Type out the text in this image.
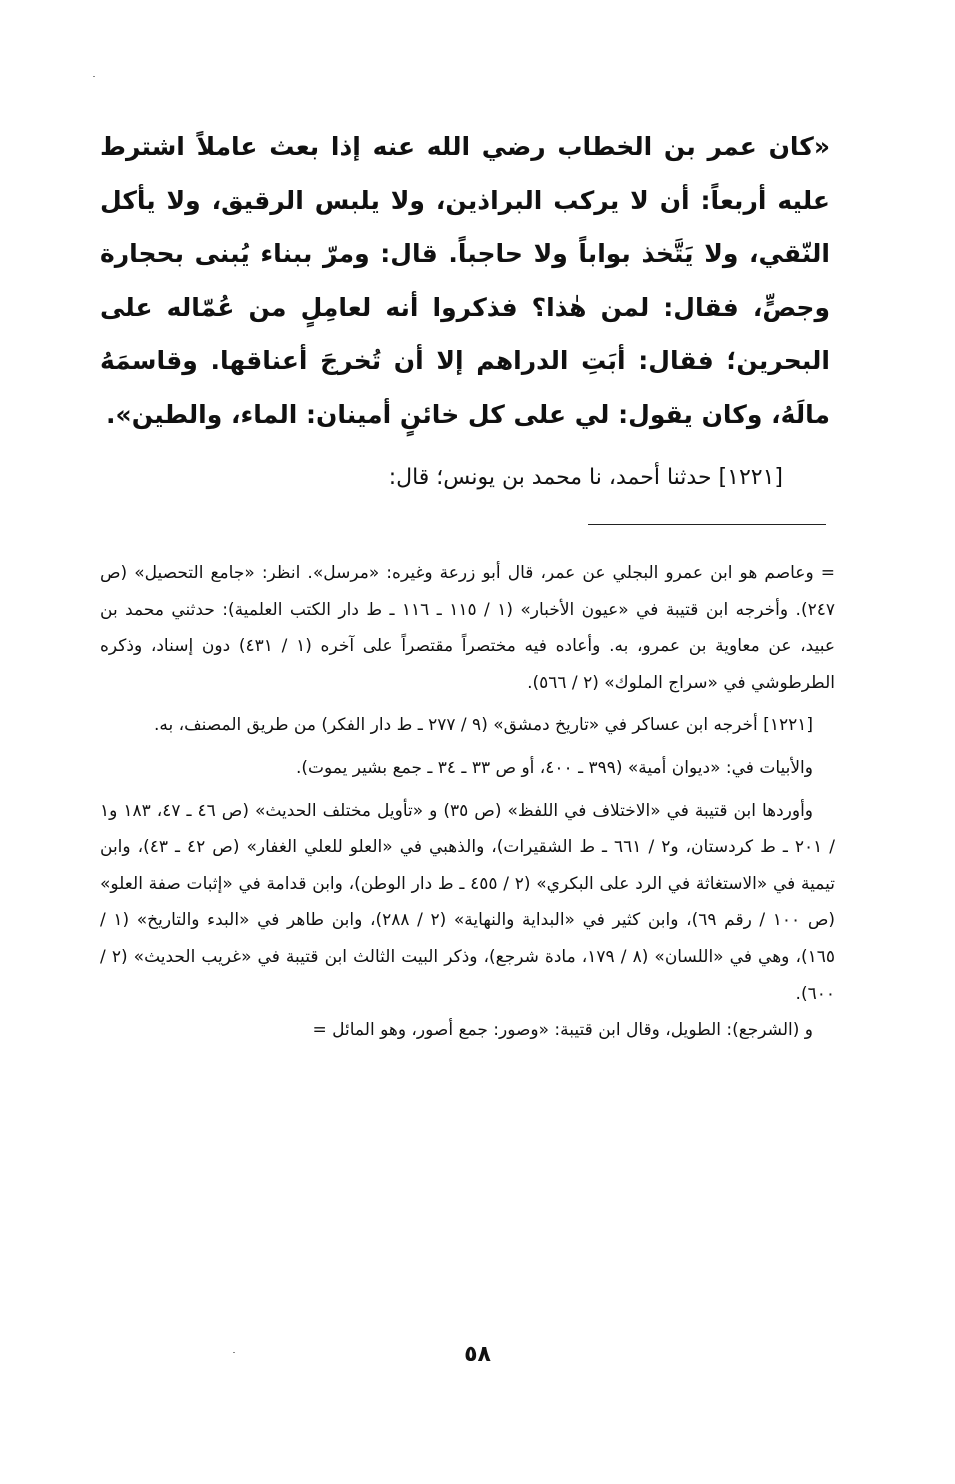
«كان عمر بن الخطاب رضي الله عنه إذا بعث عاملاً اشترط عليه أربعاً: أن لا يركب البراذين، ولا يلبس الرقيق، ولا يأكل النّقي، ولا يَتَّخذ بواباً ولا حاجباً. قال: ومرّ ببناء يُبنى بحجارة وجصٍّ، فقال: لمن هٰذا؟ فذكروا أنه لعامِلٍ من عُمّاله على البحرين؛ فقال: أبَتِ الدراهم إلا أن تُخرجَ أعناقها. وقاسمَهُ مالَهُ، وكان يقول: لي على كل خائنٍ أمينان: الماء، والطين».

[١٢٢١] حدثنا أحمد، نا محمد بن يونس؛ قال:

= وعاصم هو ابن عمرو البجلي عن عمر، قال أبو زرعة وغيره: «مرسل». انظر: «جامع التحصيل» (ص ٢٤٧). وأخرجه ابن قتيبة في «عيون الأخبار» (١ / ١١٥ ـ ١١٦ ـ ط دار الكتب العلمية): حدثني محمد بن عبيد، عن معاوية بن عمرو، به. وأعاده فيه مختصراً مقتصراً على آخره (١ / ٤٣١) دون إسناد، وذكره الطرطوشي في «سراج الملوك» (٢ / ٥٦٦).

[١٢٢١] أخرجه ابن عساكر في «تاريخ دمشق» (٩ / ٢٧٧ ـ ط دار الفكر) من طريق المصنف، به.

والأبيات في: «ديوان أمية» (٣٩٩ ـ ٤٠٠، أو ص ٣٣ ـ ٣٤ ـ جمع بشير يموت).

وأوردها ابن قتيبة في «الاختلاف في اللفظ» (ص ٣٥) و «تأويل مختلف الحديث» (ص ٤٦ ـ ٤٧، ١٨٣ و١ / ٢٠١ ـ ط كردستان، و٢ / ٦٦١ ـ ط الشقيرات)، والذهبي في «العلو للعلي الغفار» (ص ٤٢ ـ ٤٣)، وابن تيمية في «الاستغاثة في الرد على البكري» (٢ / ٤٥٥ ـ ط دار الوطن)، وابن قدامة في «إثبات صفة العلو» (ص ١٠٠ / رقم ٦٩)، وابن كثير في «البداية والنهاية» (٢ / ٢٨٨)، وابن طاهر في «البدء والتاريخ» (١ / ١٦٥)، وهي في «اللسان» (٨ / ١٧٩، مادة شرجع)، وذكر البيت الثالث ابن قتيبة في «غريب الحديث» (٢ / ٦٠٠).

و (الشرجع): الطويل، وقال ابن قتيبة: «وصور: جمع أصور، وهو المائل =

٥٨
